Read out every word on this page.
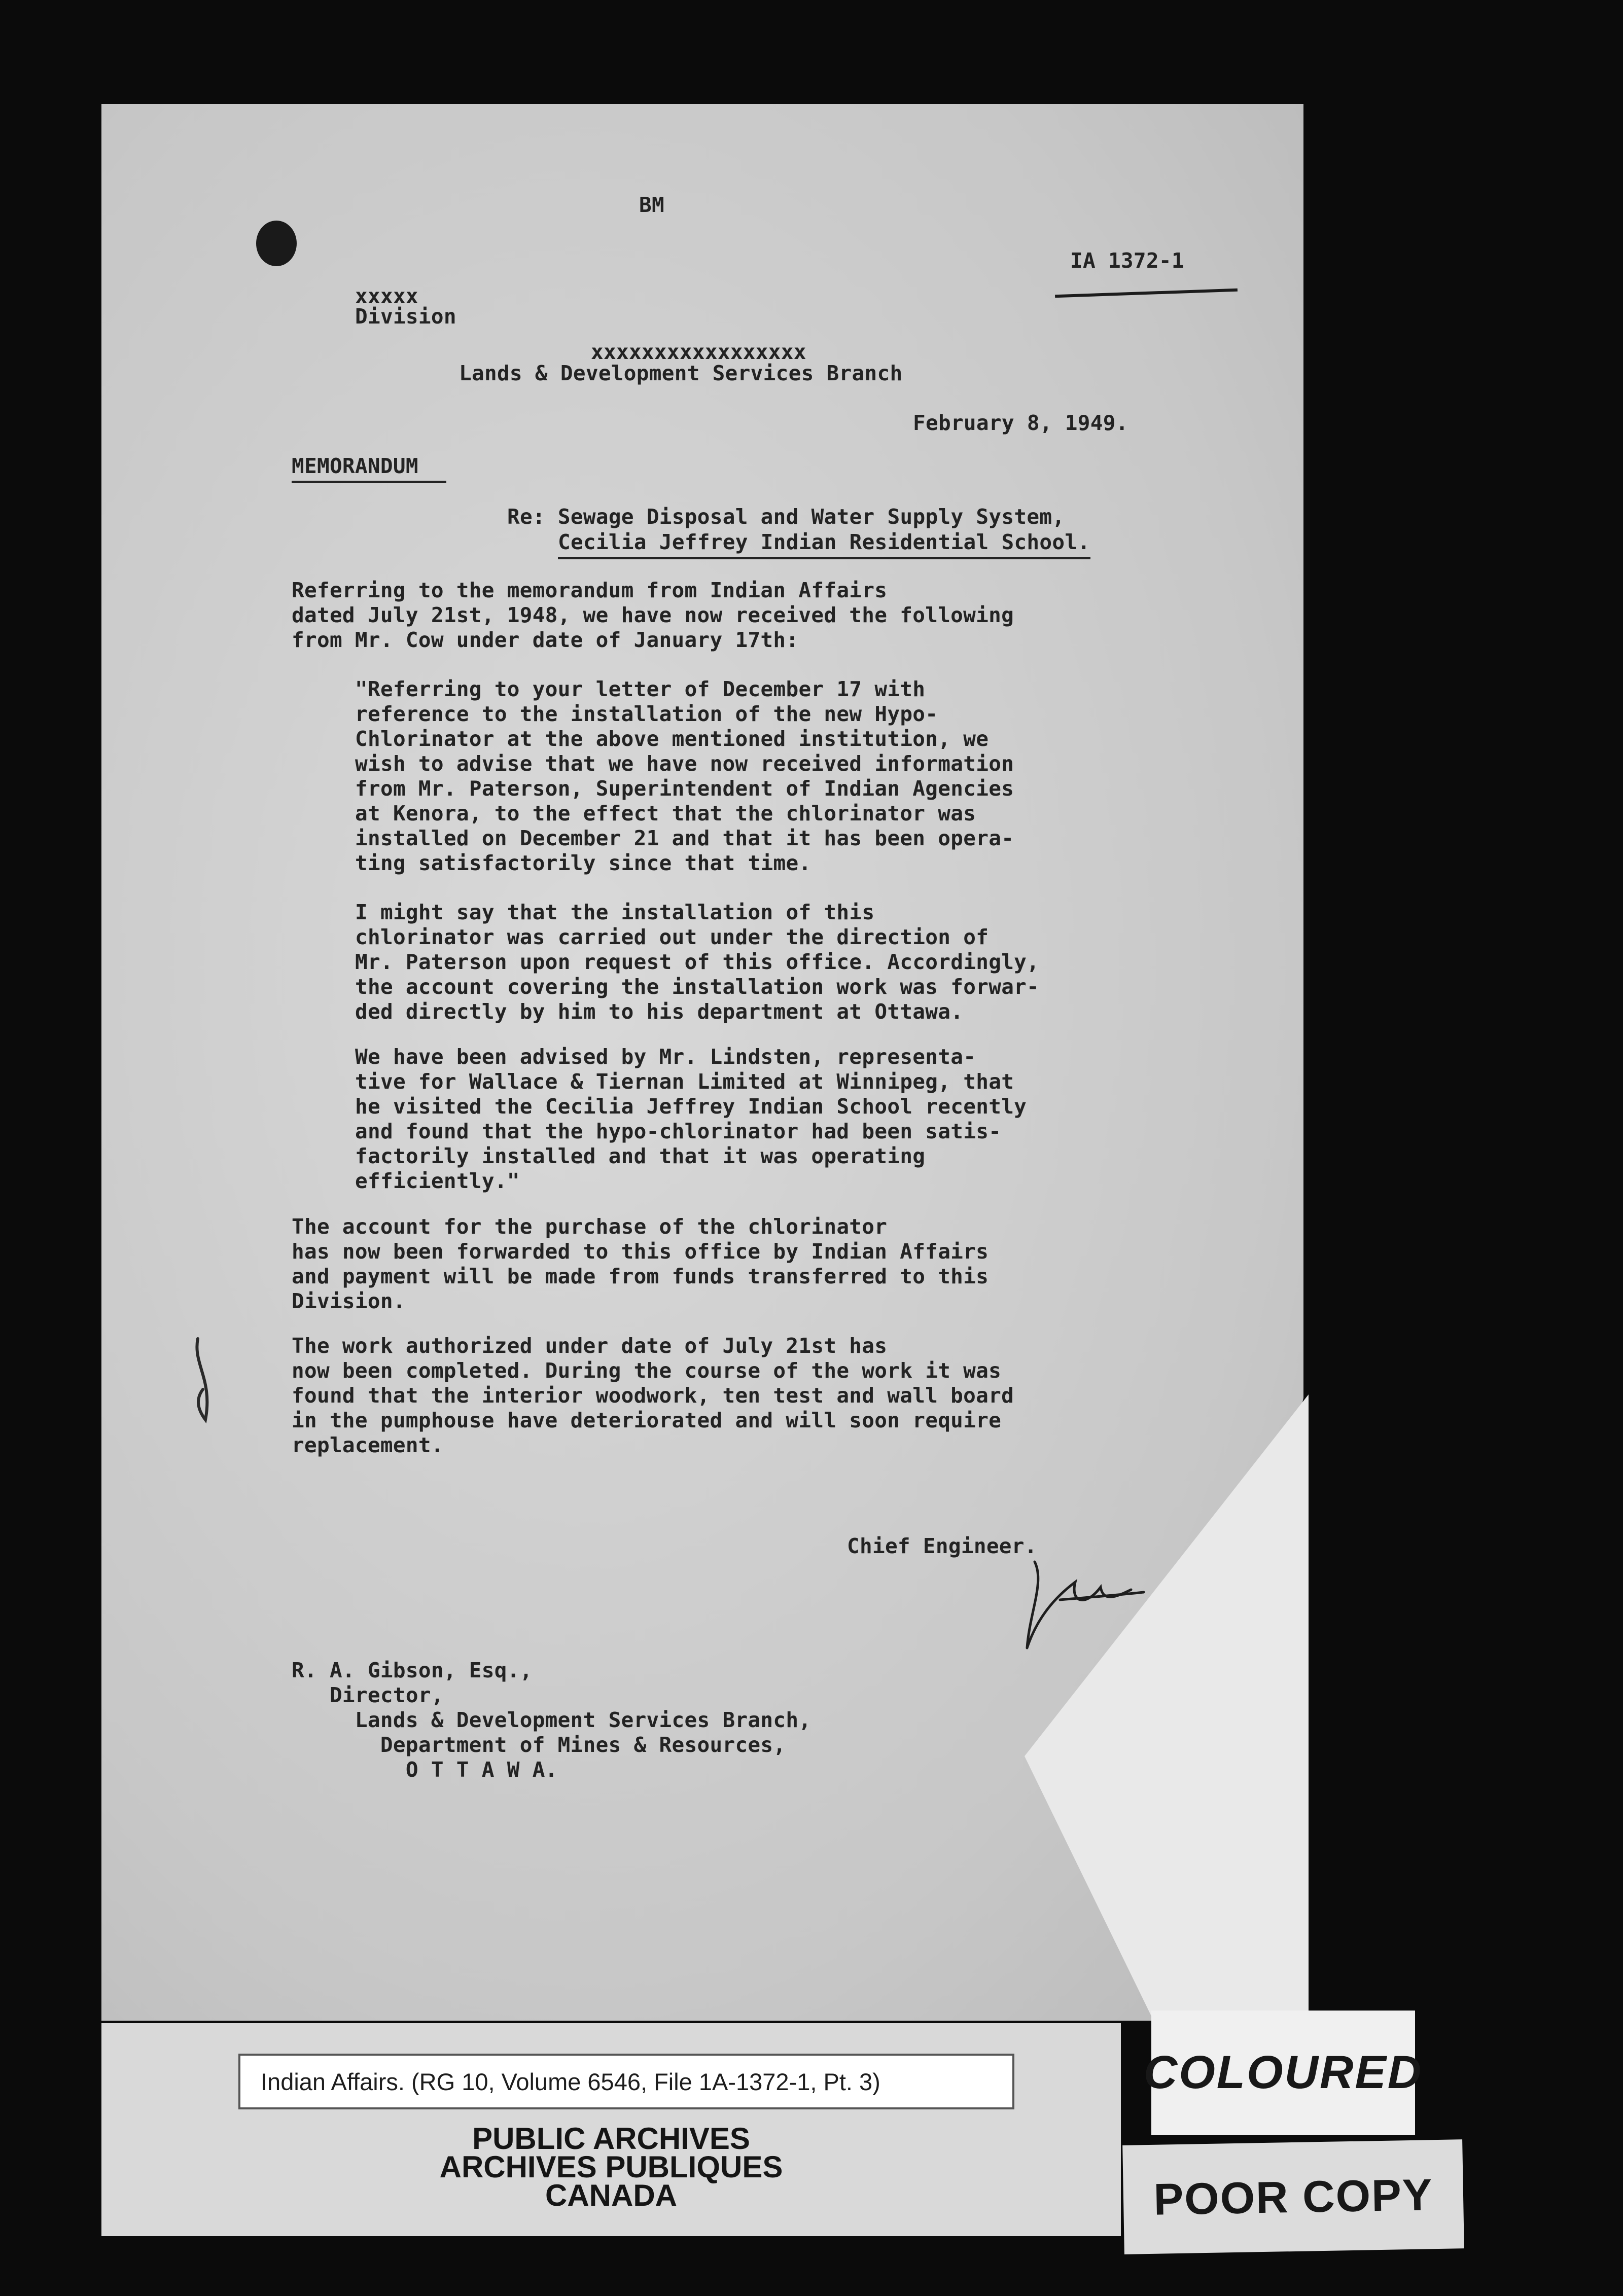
BM

IA 1372-1

xxxxx

Division

xxxxxxxxxxxxxxxxx

Lands & Development Services Branch

February 8, 1949.

MEMORANDUM

Re: Sewage Disposal and Water Supply System,

Cecilia Jeffrey Indian Residential School.

Referring to the memorandum from Indian Affairs
dated July 21st, 1948, we have now received the following
from Mr. Cow under date of January 17th:

"Referring to your letter of December 17 with
reference to the installation of the new Hypo-
Chlorinator at the above mentioned institution, we
wish to advise that we have now received information
from Mr. Paterson, Superintendent of Indian Agencies
at Kenora, to the effect that the chlorinator was
installed on December 21 and that it has been opera-
ting satisfactorily since that time.

I might say that the installation of this
chlorinator was carried out under the direction of
Mr. Paterson upon request of this office. Accordingly,
the account covering the installation work was forwar-
ded directly by him to his department at Ottawa.

We have been advised by Mr. Lindsten, representa-
tive for Wallace & Tiernan Limited at Winnipeg, that
he visited the Cecilia Jeffrey Indian School recently
and found that the hypo-chlorinator had been satis-
factorily installed and that it was operating
efficiently."

The account for the purchase of the chlorinator
has now been forwarded to this office by Indian Affairs
and payment will be made from funds transferred to this
Division.

The work authorized under date of July 21st has
now been completed. During the course of the work it was
found that the interior woodwork, ten test and wall board
in the pumphouse have deteriorated and will soon require
replacement.

Chief Engineer.

R. A. Gibson, Esq.,
Director,
Lands & Development Services Branch,
Department of Mines & Resources,
O T T A W A.

Indian Affairs. (RG 10, Volume 6546, File 1A-1372-1, Pt. 3)
PUBLIC ARCHIVES
ARCHIVES PUBLIQUES
CANADA
COLOURED
POOR COPY
